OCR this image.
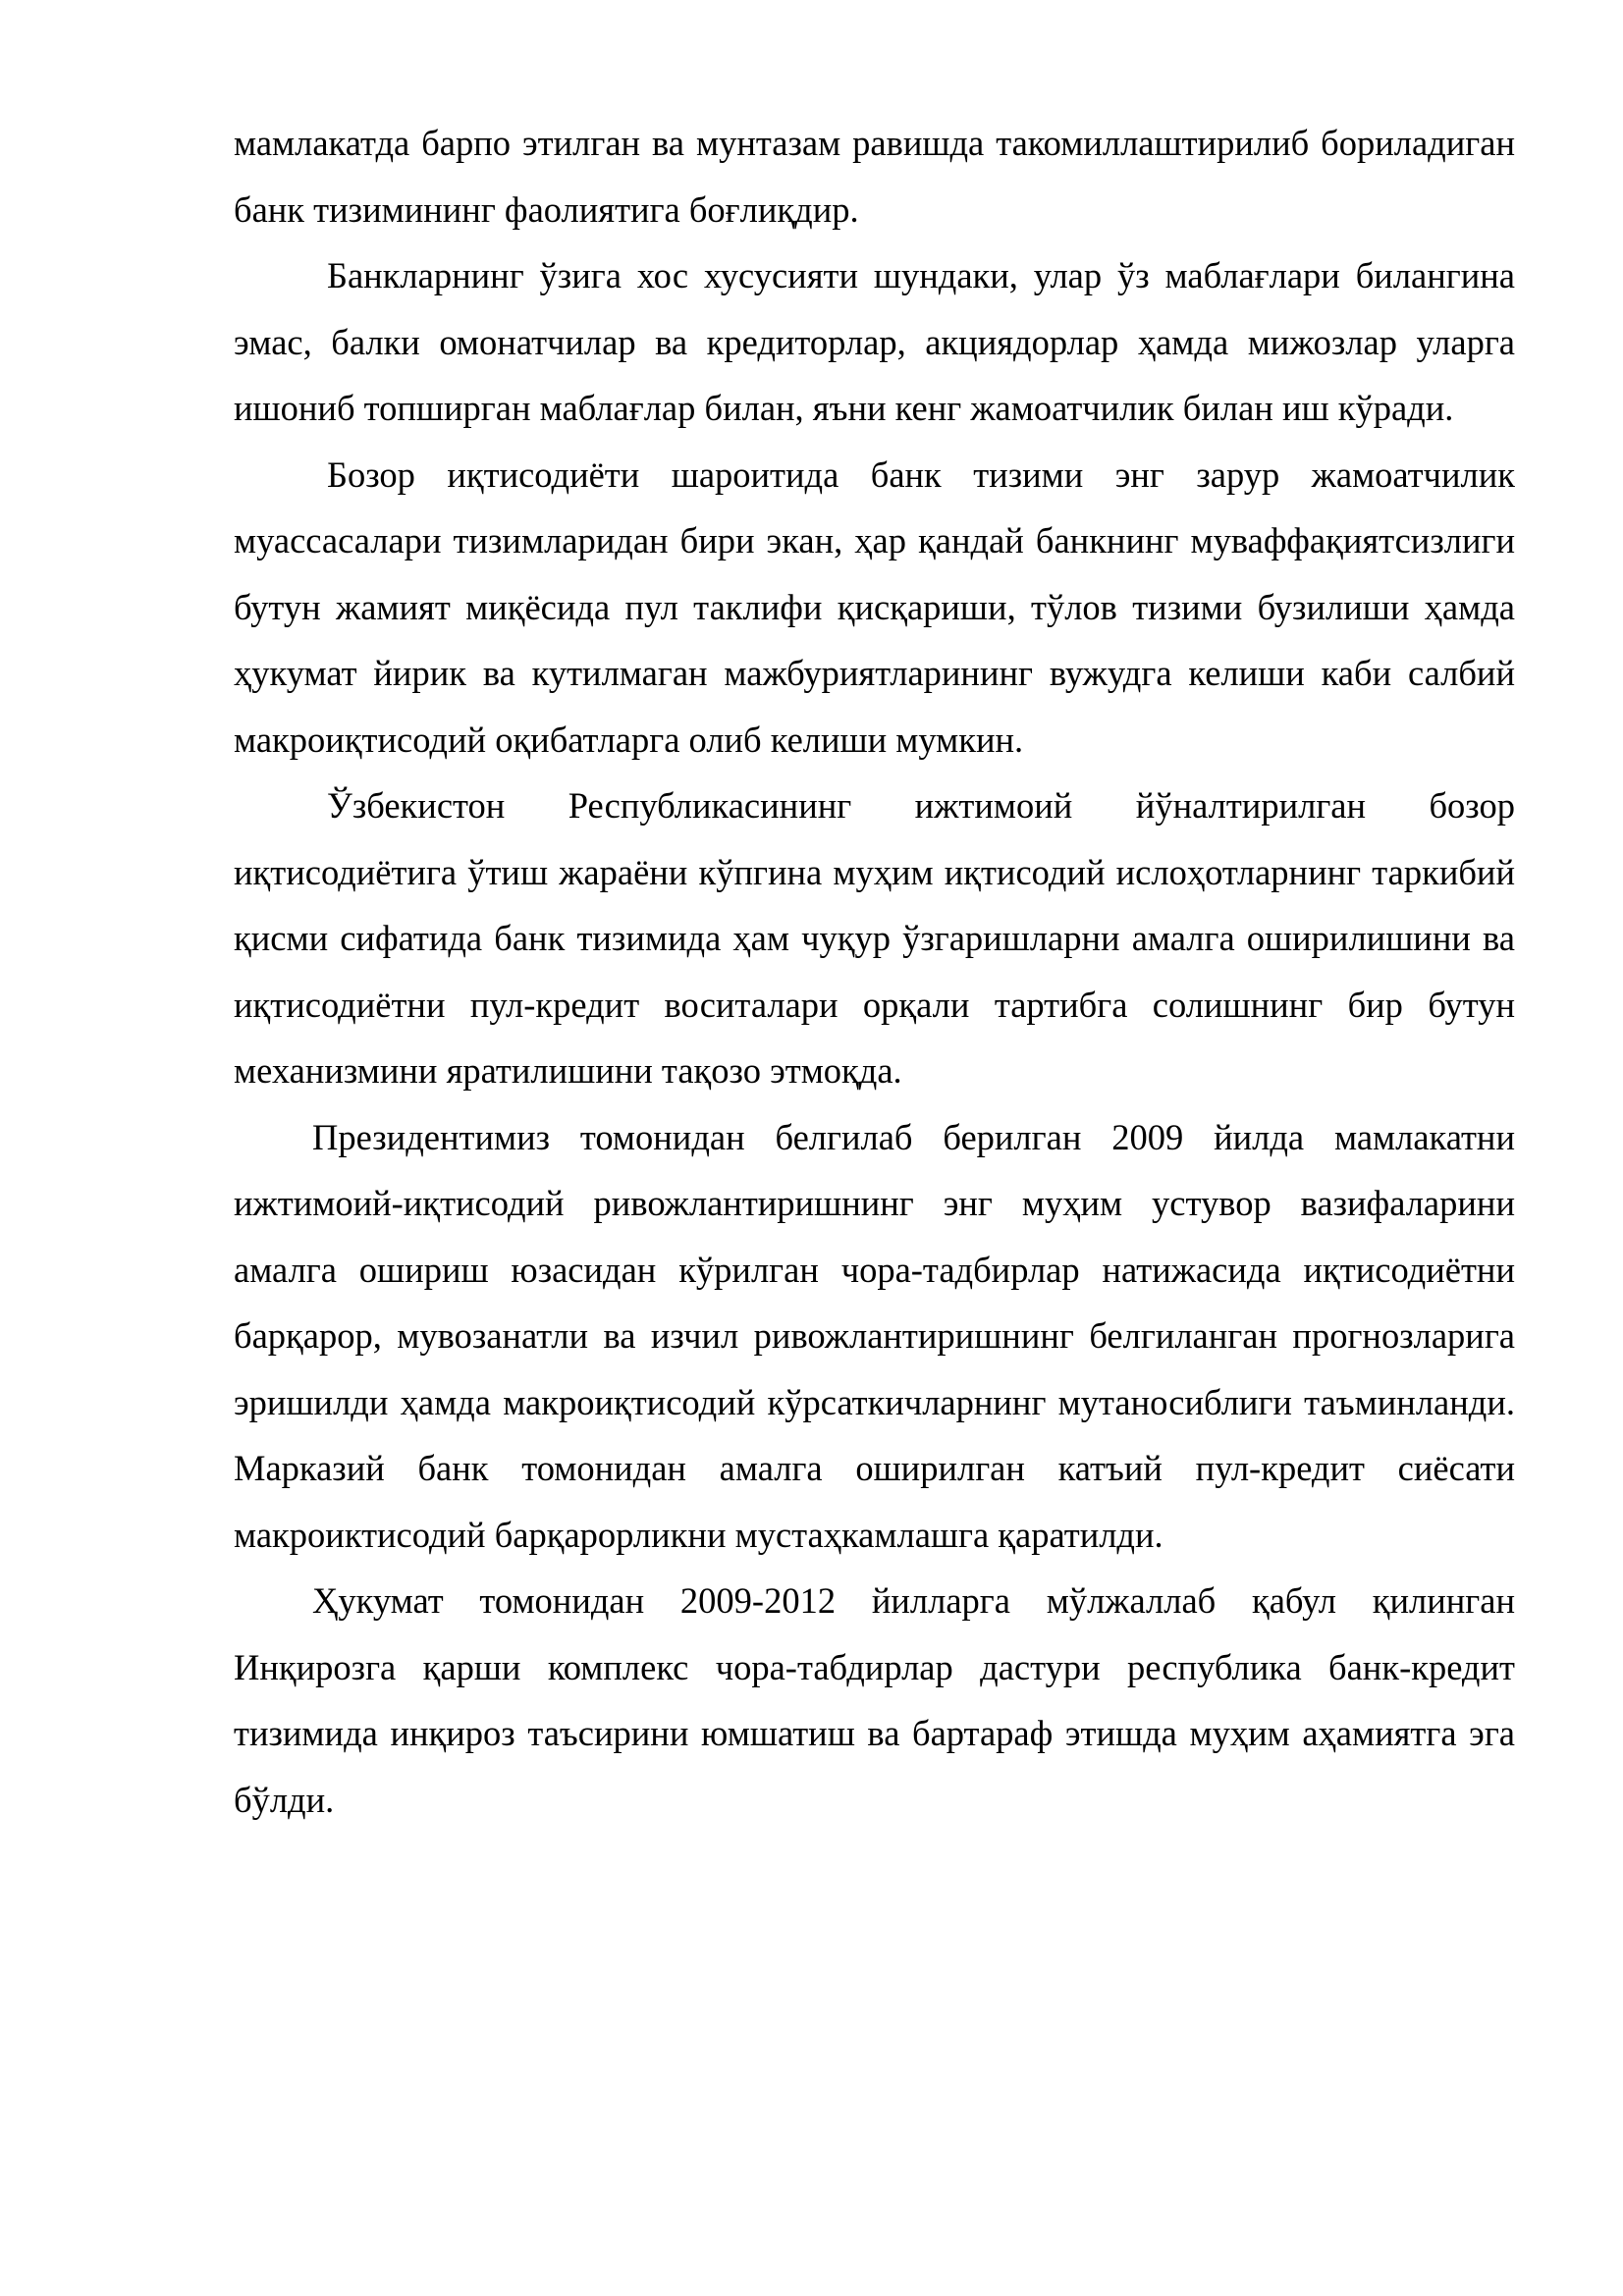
мамлакатда барпо этилган ва мунтазам равишда такомиллаштирилиб бориладиган банк тизимининг фаолиятига боғлиқдир.

Банкларнинг ўзига хос хусусияти шундаки, улар ўз маблағлари билангина эмас, балки омонатчилар ва кредиторлар, акциядорлар ҳамда мижозлар уларга ишониб топширган маблағлар билан, яъни кенг жамоатчилик билан иш кўради.

Бозор иқтисодиёти шароитида банк тизими энг зарур жамоатчилик муассасалари тизимларидан бири экан, ҳар қандай банкнинг муваффақиятсизлиги бутун жамият миқёсида пул таклифи қисқариши, тўлов тизими бузилиши ҳамда ҳукумат йирик ва кутилмаган мажбуриятларининг вужудга келиши каби салбий макроиқтисодий оқибатларга олиб келиши мумкин.

Ўзбекистон Республикасининг ижтимоий йўналтирилган бозор иқтисодиётига ўтиш жараёни кўпгина муҳим иқтисодий ислоҳотларнинг таркибий қисми сифатида банк тизимида ҳам чуқур ўзгаришларни амалга оширилишини ва иқтисодиётни пул-кредит воситалари орқали тартибга солишнинг бир бутун механизмини яратилишини тақозо этмоқда.

Президентимиз томонидан белгилаб берилган 2009 йилда мамлакатни ижтимоий-иқтисодий ривожлантиришнинг энг муҳим устувор вазифаларини амалга ошириш юзасидан кўрилган чора-тадбирлар натижасида иқтисодиётни барқарор, мувозанатли ва изчил ривожлантиришнинг белгиланган прогнозларига эришилди ҳамда макроиқтисодий кўрсаткичларнинг мутаносиблиги таъминланди. Марказий банк томонидан амалга оширилган катъий пул-кредит сиёсати макроиктисодий барқарорликни мустаҳкамлашга қаратилди.

Ҳукумат томонидан 2009-2012 йилларга мўлжаллаб қабул қилинган Инқирозга қарши комплекс чора-табдирлар дастури республика банк-кредит тизимида инқироз таъсирини юмшатиш ва бартараф этишда муҳим аҳамиятга эга бўлди.
